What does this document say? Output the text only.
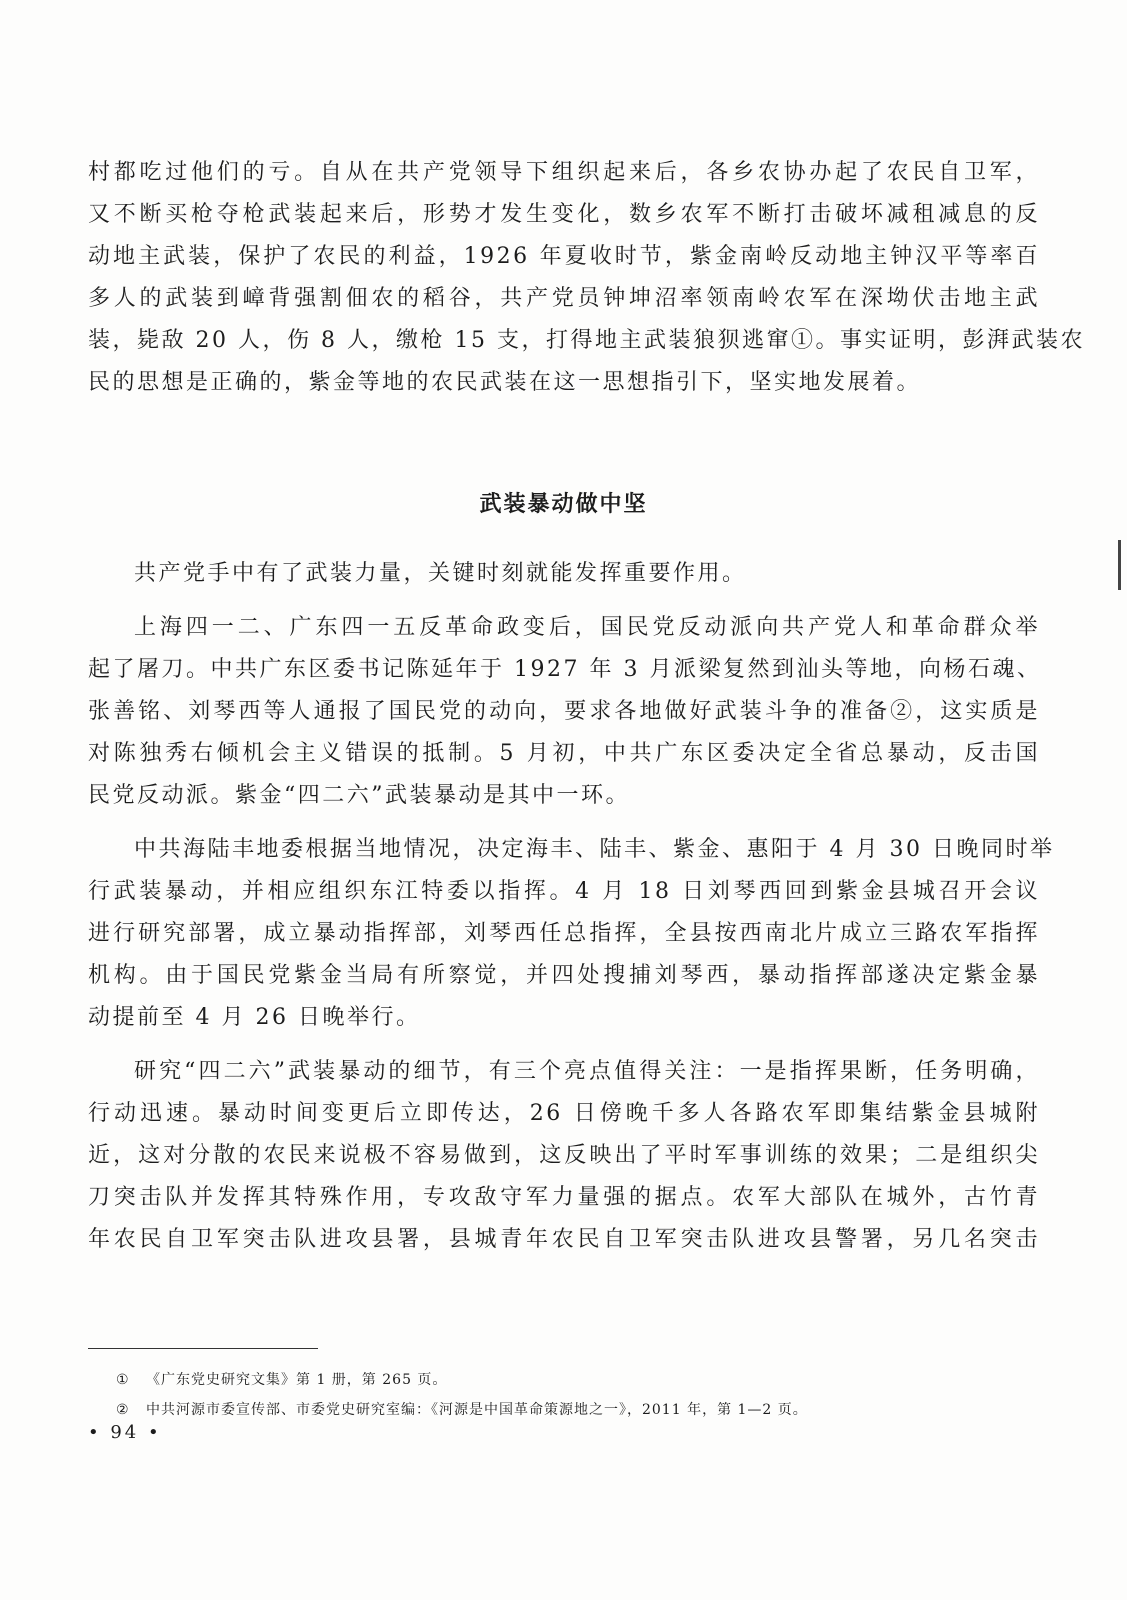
村都吃过他们的亏。自从在共产党领导下组织起来后，各乡农协办起了农民自卫军，
又不断买枪夺枪武装起来后，形势才发生变化，数乡农军不断打击破坏减租减息的反
动地主武装，保护了农民的利益，1926 年夏收时节，紫金南岭反动地主钟汉平等率百
多人的武装到嶂背强割佃农的稻谷，共产党员钟坤沼率领南岭农军在深坳伏击地主武
装，毙敌 20 人，伤 8 人，缴枪 15 支，打得地主武装狼狈逃窜①。事实证明，彭湃武装农
民的思想是正确的，紫金等地的农民武装在这一思想指引下，坚实地发展着。
武装暴动做中坚
共产党手中有了武装力量，关键时刻就能发挥重要作用。
上海四一二、广东四一五反革命政变后，国民党反动派向共产党人和革命群众举
起了屠刀。中共广东区委书记陈延年于 1927 年 3 月派梁复然到汕头等地，向杨石魂、
张善铭、刘琴西等人通报了国民党的动向，要求各地做好武装斗争的准备②，这实质是
对陈独秀右倾机会主义错误的抵制。5 月初，中共广东区委决定全省总暴动，反击国
民党反动派。紫金“四二六”武装暴动是其中一环。
中共海陆丰地委根据当地情况，决定海丰、陆丰、紫金、惠阳于 4 月 30 日晚同时举
行武装暴动，并相应组织东江特委以指挥。4 月 18 日刘琴西回到紫金县城召开会议
进行研究部署，成立暴动指挥部，刘琴西任总指挥，全县按西南北片成立三路农军指挥
机构。由于国民党紫金当局有所察觉，并四处搜捕刘琴西，暴动指挥部遂决定紫金暴
动提前至 4 月 26 日晚举行。
研究“四二六”武装暴动的细节，有三个亮点值得关注：一是指挥果断，任务明确，
行动迅速。暴动时间变更后立即传达，26 日傍晚千多人各路农军即集结紫金县城附
近，这对分散的农民来说极不容易做到，这反映出了平时军事训练的效果；二是组织尖
刀突击队并发挥其特殊作用，专攻敌守军力量强的据点。农军大部队在城外，古竹青
年农民自卫军突击队进攻县署，县城青年农民自卫军突击队进攻县警署，另几名突击
① 《广东党史研究文集》第 1 册，第 265 页。
② 中共河源市委宣传部、市委党史研究室编：《河源是中国革命策源地之一》，2011 年，第 1—2 页。
• 94 •
